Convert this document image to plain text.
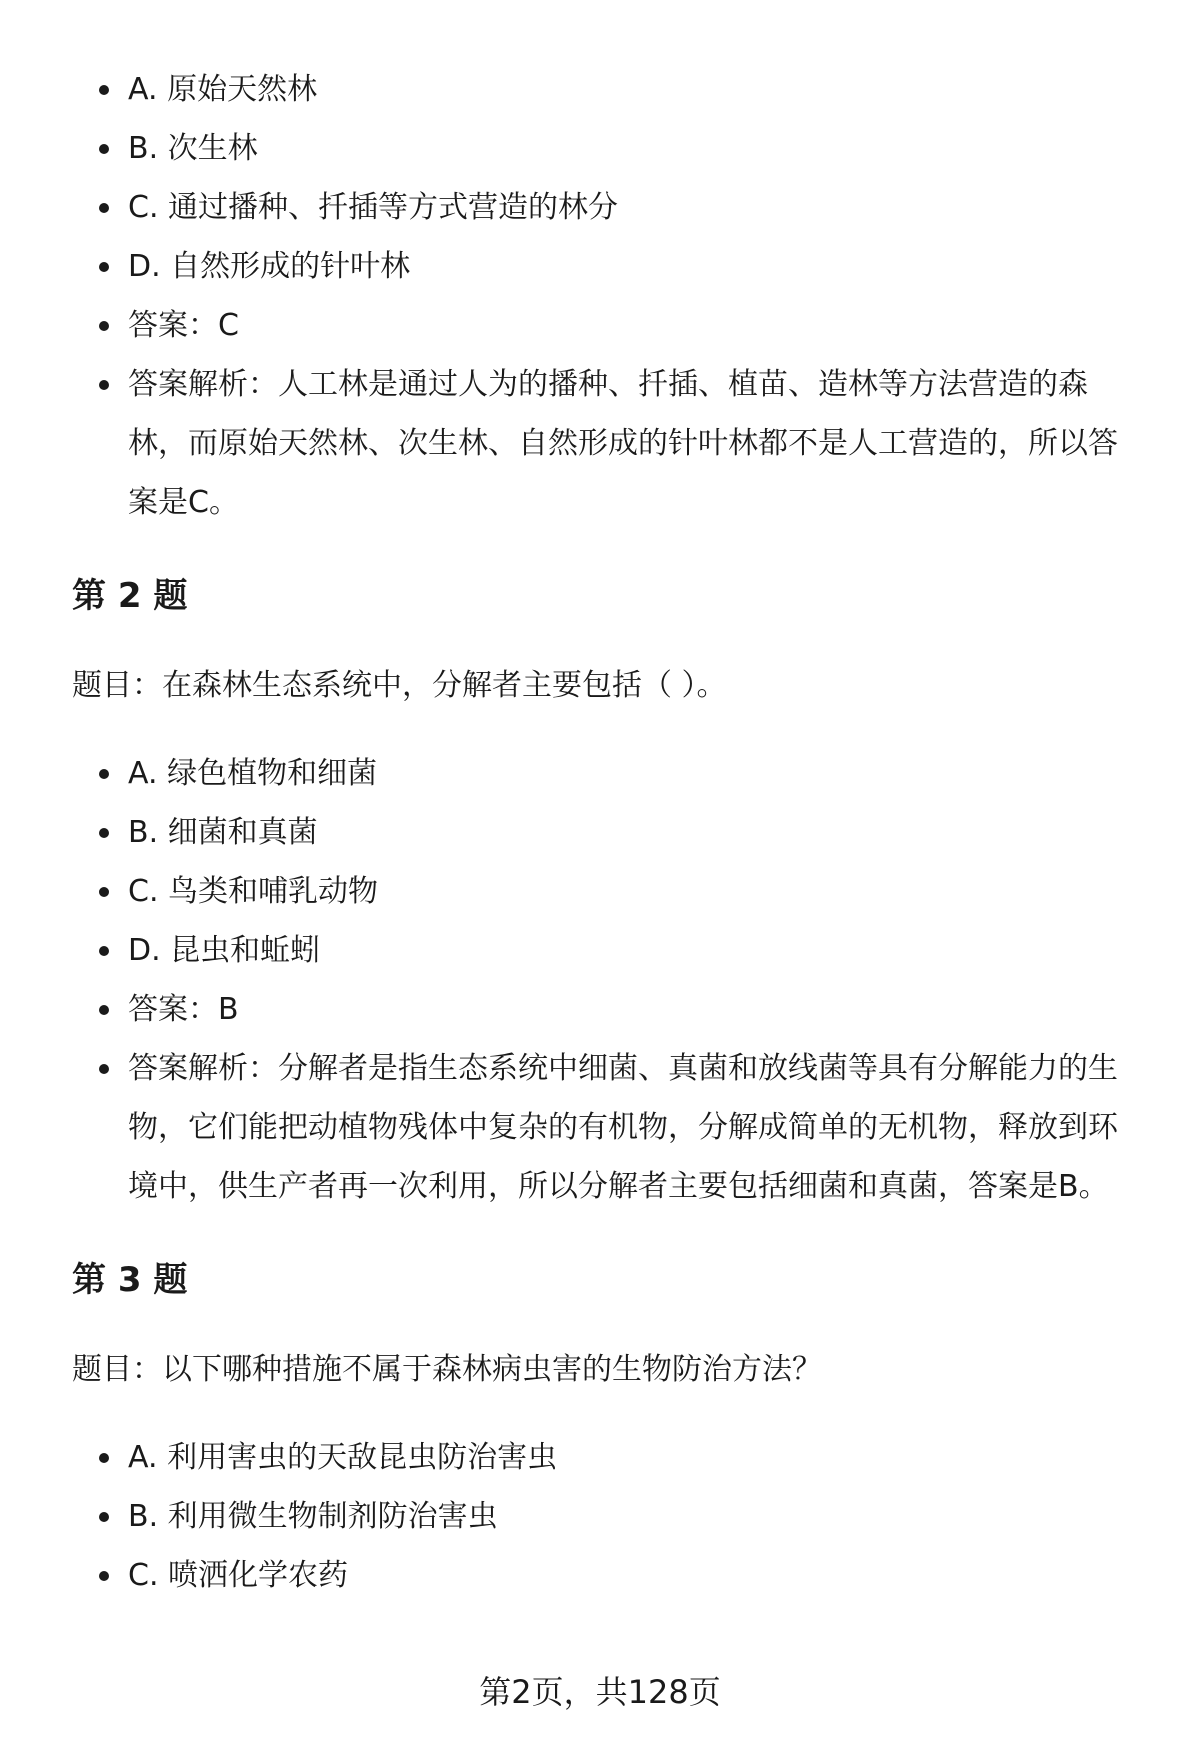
A. 原始天然林
B. 次生林
C. 通过播种、扦插等方式营造的林分
D. 自然形成的针叶林
答案：C
答案解析：人工林是通过人为的播种、扦插、植苗、造林等方法营造的森林，而原始天然林、次生林、自然形成的针叶林都不是人工营造的，所以答案是C。
第 2 题

题目：在森林生态系统中，分解者主要包括（ ）。

A. 绿色植物和细菌
B. 细菌和真菌
C. 鸟类和哺乳动物
D. 昆虫和蚯蚓
答案：B
答案解析：分解者是指生态系统中细菌、真菌和放线菌等具有分解能力的生物，它们能把动植物残体中复杂的有机物，分解成简单的无机物，释放到环境中，供生产者再一次利用，所以分解者主要包括细菌和真菌，答案是B。
第 3 题

题目：以下哪种措施不属于森林病虫害的生物防治方法？

A. 利用害虫的天敌昆虫防治害虫
B. 利用微生物制剂防治害虫
C. 喷洒化学农药
第2页，共128页
